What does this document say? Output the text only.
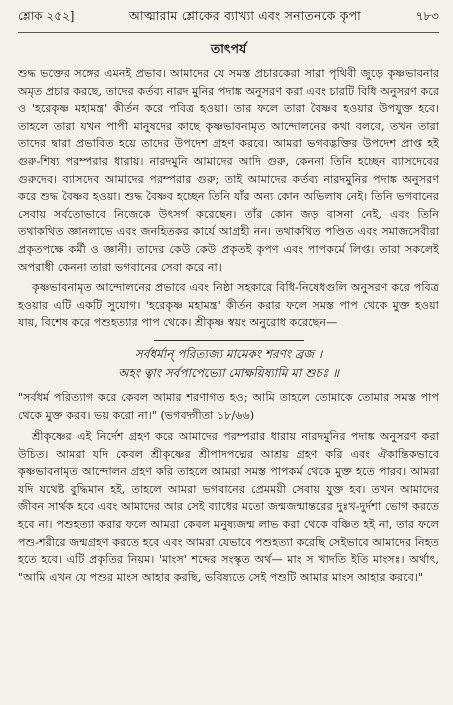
শ্লোক ২৫২]	আত্মারাম শ্লোকের ব্যাখ্যা এবং সনাতনকে কৃপা	৭৮৩
তাৎপর্য

শুদ্ধ ভক্তের সঙ্গের এমনই প্রভাব। আমাদের যে সমস্ত প্রচারকেরা সারা পৃথিবী জুড়ে কৃষ্ণভাবনার অমৃত প্রচার করছে, তাদের কর্তব্য নারদ মুনির পদাঙ্ক অনুসরণ করা এবং চারটি বিধি অনুসরণ করে ও 'হরেকৃষ্ণ মহামন্ত্র' কীর্তন করে পবিত্র হওয়া। তার ফলে তারা বৈষ্ণব হওয়ার উপযুক্ত হবে। তাহলে তারা যখন পাপী মানুষদের কাছে কৃষ্ণভাবনামৃত আন্দোলনের কথা বলবে, তখন তারা তাদের দ্বারা প্রভাবিত হয়ে তাদের উপদেশ গ্রহণ করবে। আমরা ভগবদ্ভক্তির উপদেশ প্রাপ্ত হই গুরু-শিষ্য পরম্পরার ধারায়। নারদমুনি আমাদের আদি গুরু, কেননা তিনি হচ্ছেন ব্যাসদেবের গুরুদেব। ব্যাসদেব আমাদের পরম্পরার গুরু; তাই আমাদের কর্তব্য নারদমুনির পদাঙ্ক অনুসরণ করে শুদ্ধ বৈষ্ণব হওয়া। শুদ্ধ বৈষ্ণব হচ্ছেন তিনি যাঁর অন্য কোন অভিলাষ নেই। তিনি ভগবানের সেবায় সর্বতোভাবে নিজেকে উৎসর্গ করেছেন। তাঁর কোন জড় বাসনা নেই, এবং তিনি তথাকথিত জ্ঞানলাভে এবং জনহিতকর কার্যে আগ্রহী নন। তথাকথিত পণ্ডিত এবং সমাজসেবীরা প্রকৃতপক্ষে কর্মী ও জ্ঞানী। তাদের কেউ কেউ প্রকৃতই কৃপণ এবং পাপকর্মে লিপ্ত। তারা সকলেই অপরাধী কেননা তারা ভগবানের সেবা করে না।

কৃষ্ণভাবনামৃত আন্দোলনের প্রভাবে এবং নিষ্ঠা সহকারে বিধি-নিষেধগুলি অনুসরণ করে পবিত্র হওয়ার এটি একটি সুযোগ। 'হরেকৃষ্ণ মহামন্ত্র' কীর্তন করার ফলে সমস্ত পাপ থেকে মুক্ত হওয়া যায়, বিশেষ করে পশুহত্যার পাপ থেকে। শ্রীকৃষ্ণ স্বয়ং অনুরোধ করেছেন—

সর্বধর্মান্ পরিত্যজ্য মামেকং শরণং ব্রজ ।
অহং ত্বাং সর্বপাপেভ্যো মোক্ষয়িষ্যামি মা শুচঃ ॥
"সর্বধর্ম পরিত্যাগ করে কেবল আমার শরণাগত হও; আমি তাহলে তোমাকে তোমার সমস্ত পাপ থেকে মুক্ত করব। ভয় করো না।" (ভগবদ্গীতা ১৮/৬৬)

শ্রীকৃষ্ণের এই নির্দেশ গ্রহণ করে আমাদের পরম্পরার ধারায় নারদমুনির পদাঙ্ক অনুসরণ করা উচিত। আমরা যদি কেবল শ্রীকৃষ্ণের শ্রীপাদপদ্মের আশ্রয় গ্রহণ করি এবং ঐকান্তিকভাবে কৃষ্ণভাবনামৃত আন্দোলন গ্রহণ করি তাহলে আমরা সমস্ত পাপকর্ম থেকে মুক্ত হতে পারব। আমরা যদি যথেষ্ট বুদ্ধিমান হই, তাহলে আমরা ভগবানের প্রেমময়ী সেবায় যুক্ত হব। তখন আমাদের জীবন সার্থক হবে এবং আমাদের আর সেই ব্যাধের মতো জন্মজন্মান্তরের দুঃখ-দুর্দশা ভোগ করতে হবে না। পশুহত্যা করার ফলে আমরা কেবল মনুষ্যজন্ম লাভ করা থেকে বঞ্চিত হই না, তার ফলে পশু-শরীরে জন্মগ্রহণ করতে হবে এবং আমরা যেভাবে পশুহত্যা করেছি সেইভাবে আমাদের নিহত হতে হবে। এটি প্রকৃতির নিয়ম। 'মাংস' শব্দের সংস্কৃত অর্থ— মাং স খাদতি ইতি মাংসঃ। অর্থাৎ, "আমি এখন যে পশুর মাংস আহার করছি, ভবিষ্যতে সেই পশুটি আমার মাংস আহার করবে।"
